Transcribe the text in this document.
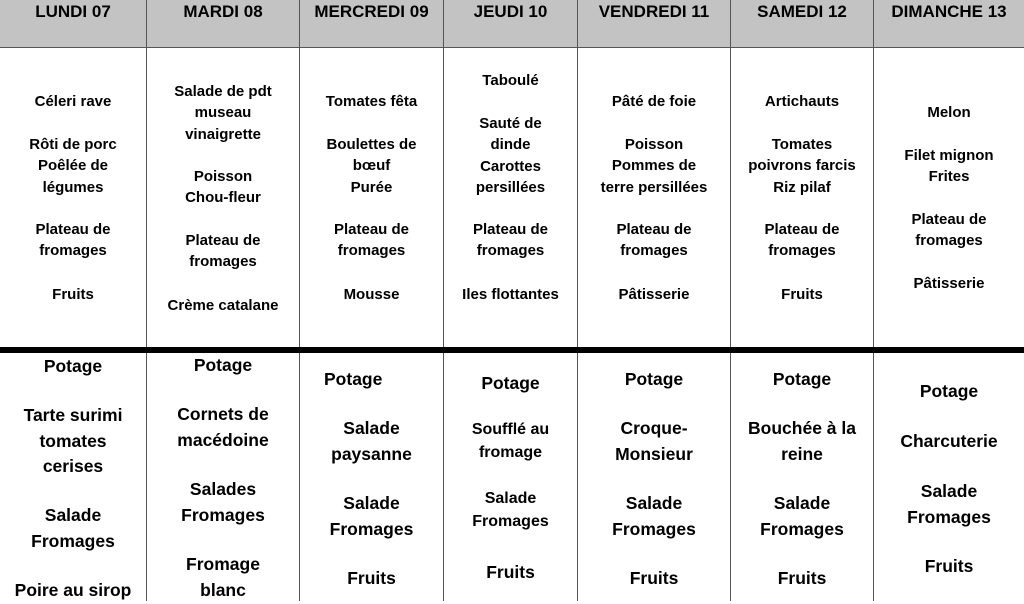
LUNDI 07
Céleri rave
Rôti de porc
Poêlée de
légumes
Plateau de
fromages
Fruits
Potage
Tarte surimi
tomates
cerises
Salade
Fromages
Poire au sirop
MARDI 08
Salade de pdt
museau
vinaigrette
Poisson
Chou-fleur
Plateau de
fromages
Crème catalane
Potage
Cornets de
macédoine
Salades
Fromages
Fromage
blanc
MERCREDI 09
Tomates fêta
Boulettes de
bœuf
Purée
Plateau de
fromages
Mousse
Potage
Salade
paysanne
Salade
Fromages
Fruits
JEUDI 10
Taboulé
Sauté de
dinde
Carottes
persillées
Plateau de
fromages
Iles flottantes
Potage
Soufflé au
fromage
Salade
Fromages
Fruits
VENDREDI 11
Pâté de foie
Poisson
Pommes de
terre persillées
Plateau de
fromages
Pâtisserie
Potage
Croque-
Monsieur
Salade
Fromages
Fruits
SAMEDI 12
Artichauts
Tomates
poivrons farcis
Riz pilaf
Plateau de
fromages
Fruits
Potage
Bouchée à la
reine
Salade
Fromages
Fruits
DIMANCHE 13
Melon
Filet mignon
Frites
Plateau de
fromages
Pâtisserie
Potage
Charcuterie
Salade
Fromages
Fruits
